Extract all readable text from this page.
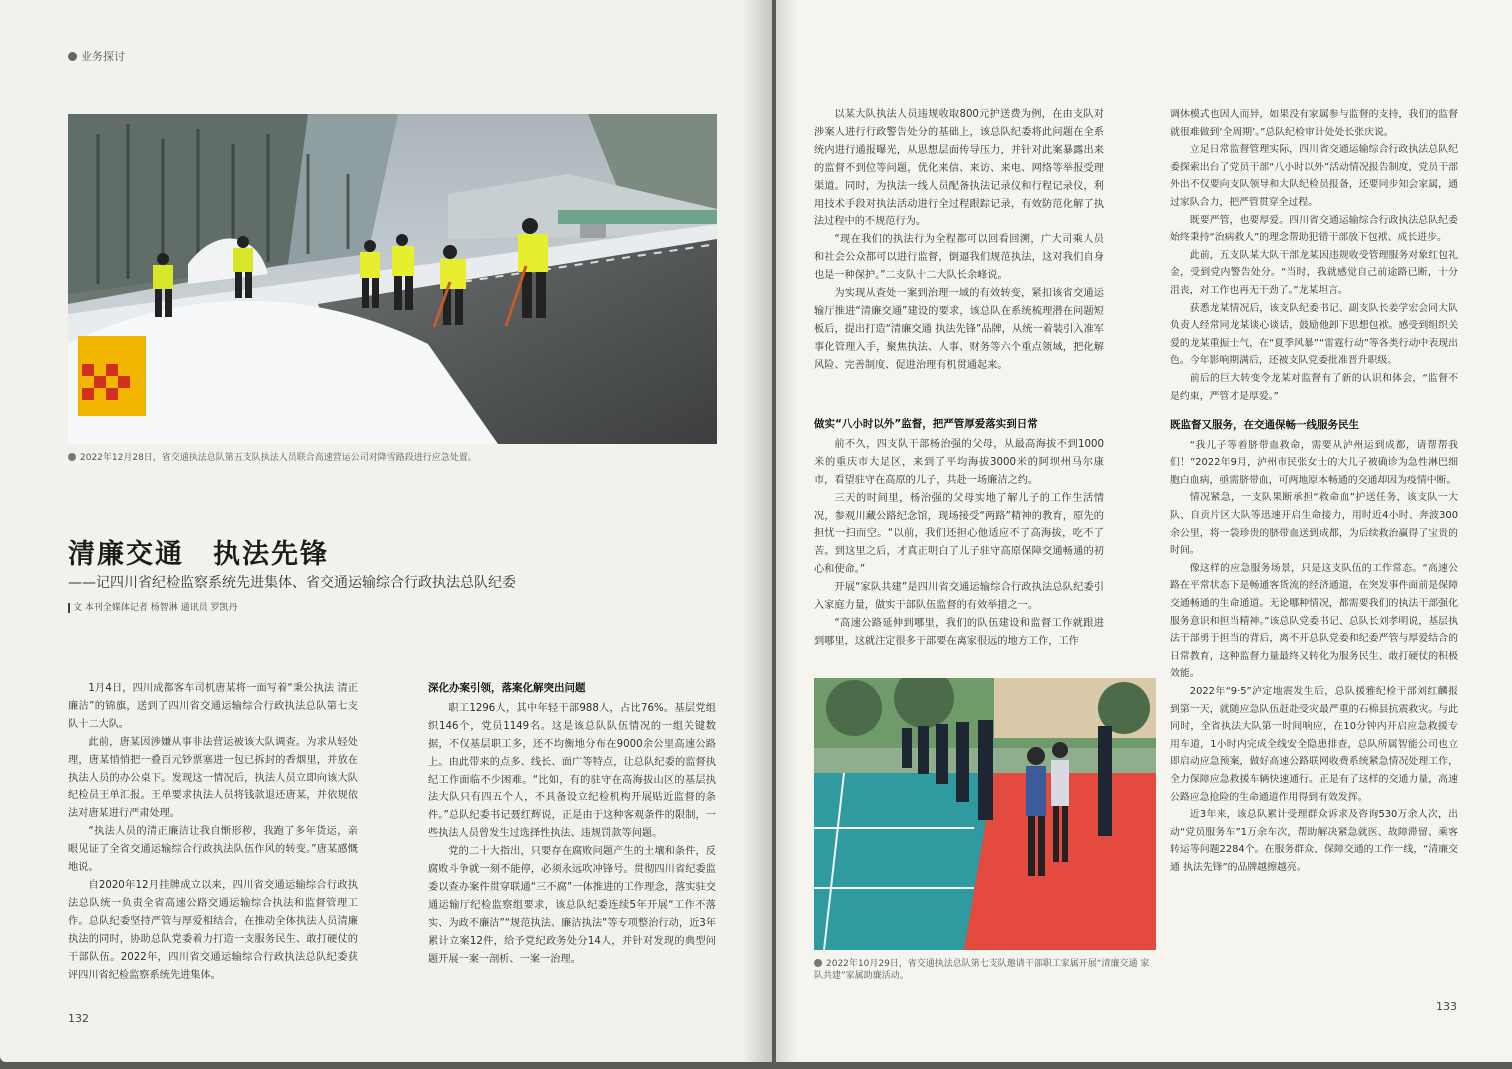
业务探讨
2022年12月28日，省交通执法总队第五支队执法人员联合高速营运公司对降雪路段进行应急处置。
清廉交通　执法先锋
——记四川省纪检监察系统先进集体、省交通运输综合行政执法总队纪委
文 本刊全媒体记者 杨智淋 通讯员 罗凯丹

1月4日，四川成都客车司机唐某将一面写着“秉公执法 清正廉洁”的锦旗，送到了四川省交通运输综合行政执法总队第七支队十二大队。

此前，唐某因涉嫌从事非法营运被该大队调查。为求从轻处理，唐某悄悄把一叠百元钞票塞进一包已拆封的香烟里，并放在执法人员的办公桌下。发现这一情况后，执法人员立即向该大队纪检员王单汇报。王单要求执法人员将钱款退还唐某，并依规依法对唐某进行严肃处理。

“执法人员的清正廉洁让我自惭形秽，我跑了多年货运，亲眼见证了全省交通运输综合行政执法队伍作风的转变。”唐某感慨地说。

自2020年12月挂牌成立以来，四川省交通运输综合行政执法总队统一负责全省高速公路交通运输综合执法和监督管理工作。总队纪委坚持严管与厚爱相结合，在推动全体执法人员清廉执法的同时，协助总队党委着力打造一支服务民生、敢打硬仗的干部队伍。2022年，四川省交通运输综合行政执法总队纪委获评四川省纪检监察系统先进集体。

深化办案引领，落案化解突出问题

职工1296人，其中年轻干部988人，占比76%。基层党组织146个，党员1149名。这是该总队队伍情况的一组关键数据，不仅基层职工多，还不均衡地分布在9000余公里高速公路上。由此带来的点多、线长、面广等特点，让总队纪委的监督执纪工作面临不少困难。“比如，有的驻守在高海拔山区的基层执法大队只有四五个人，不具备设立纪检机构开展贴近监督的条件。”总队纪委书记聂红辉说，正是由于这种客观条件的限制，一些执法人员曾发生过选择性执法、违规罚款等问题。

党的二十大指出，只要存在腐败问题产生的土壤和条件，反腐败斗争就一刻不能停，必须永远吹冲锋号。贯彻四川省纪委监委以查办案件贯穿联通“三不腐”一体推进的工作理念，落实驻交通运输厅纪检监察组要求，该总队纪委连续5年开展“工作不落实、为政不廉洁”“规范执法、廉洁执法”等专项整治行动，近3年累计立案12件，给予党纪政务处分14人，并针对发现的典型问题开展一案一剖析、一案一治理。

132

以某大队执法人员违规收取800元护送费为例，在由支队对涉案人进行行政警告处分的基础上，该总队纪委将此问题在全系统内进行通报曝光，从思想层面传导压力，并针对此案暴露出来的监督不到位等问题，优化来信、来访、来电、网络等举报受理渠道。同时，为执法一线人员配备执法记录仪和行程记录仪，利用技术手段对执法活动进行全过程跟踪记录，有效防范化解了执法过程中的不规范行为。

“现在我们的执法行为全程都可以回看回溯，广大司乘人员和社会公众都可以进行监督，倒逼我们规范执法，这对我们自身也是一种保护。”二支队十二大队长余峰说。

为实现从查处一案到治理一域的有效转变，紧扣该省交通运输厅推进“清廉交通”建设的要求，该总队在系统梳理潜在问题短板后，提出打造“清廉交通 执法先锋”品牌，从统一着装引入准军事化管理入手，聚焦执法、人事、财务等六个重点领域，把化解风险、完善制度、促进治理有机贯通起来。

做实“八小时以外”监督，把严管厚爱落实到日常

前不久，四支队干部杨治强的父母，从最高海拔不到1000米的重庆市大足区，来到了平均海拔3000米的阿坝州马尔康市，看望驻守在高原的儿子，共赴一场廉洁之约。

三天的时间里，杨治强的父母实地了解儿子的工作生活情况，参观川藏公路纪念馆，现场接受“两路”精神的教育，原先的担忧一扫而空。“以前，我们还担心他适应不了高海拔，吃不了苦。到这里之后，才真正明白了儿子驻守高原保障交通畅通的初心和使命。”

开展“家队共建”是四川省交通运输综合行政执法总队纪委引入家庭力量，做实干部队伍监督的有效举措之一。

“高速公路延伸到哪里，我们的队伍建设和监督工作就跟进到哪里，这就注定很多干部要在离家很远的地方工作，工作

调休模式也因人而异，如果没有家属参与监督的支持，我们的监督就很难做到‘全周期’。”总队纪检审计处处长张庆说。

立足日常监督管理实际，四川省交通运输综合行政执法总队纪委探索出台了党员干部“八小时以外”活动情况报告制度，党员干部外出不仅要向支队领导和大队纪检员报备，还要同步知会家属，通过家队合力，把严管贯穿全过程。

既要严管，也要厚爱。四川省交通运输综合行政执法总队纪委始终秉持“治病救人”的理念帮助犯错干部放下包袱、成长进步。

此前，五支队某大队干部龙某因违规收受管理服务对象红包礼金，受到党内警告处分。“当时，我就感觉自己前途路已断，十分沮丧，对工作也再无干劲了。”龙某坦言。

获悉龙某情况后，该支队纪委书记、副支队长姜学宏会同大队负责人经常同龙某谈心谈话，鼓励他卸下思想包袱。感受到组织关爱的龙某重振士气，在“夏季风暴”“雷霆行动”等各类行动中表现出色。今年影响期满后，还被支队党委批准晋升职级。

前后的巨大转变令龙某对监督有了新的认识和体会，“监督不是约束，严管才是厚爱。”

既监督又服务，在交通保畅一线服务民生

“我儿子等着脐带血救命，需要从泸州运到成都，请帮帮我们！”2022年9月，泸州市民张女士的大儿子被确诊为急性淋巴细胞白血病，亟需脐带血，可两地原本畅通的交通却因为疫情中断。

情况紧急，一支队果断承担“救命血”护送任务，该支队一大队、自贡片区大队等迅速开启生命接力，用时近4小时、奔波300余公里，将一袋珍贵的脐带血送到成都，为后续救治赢得了宝贵的时间。

像这样的应急服务场景，只是这支队伍的工作常态。“高速公路在平常状态下是畅通客货流的经济通道，在突发事件面前是保障交通畅通的生命通道。无论哪种情况，都需要我们的执法干部强化服务意识和担当精神。”该总队党委书记、总队长刘孝明说，基层执法干部勇于担当的背后，离不开总队党委和纪委严管与厚爱结合的日常教育，这种监督力量最终又转化为服务民生、敢打硬仗的积极效能。

2022年“9·5”泸定地震发生后，总队援雅纪检干部刘红麟报到第一天，就随应急队伍赶赴受灾最严重的石棉县抗震救灾。与此同时，全省执法大队第一时间响应，在10分钟内开启应急救援专用车道，1小时内完成全线安全隐患排查，总队所属智能公司也立即启动应急预案，做好高速公路联网收费系统紧急情况处理工作，全力保障应急救援车辆快速通行。正是有了这样的交通力量，高速公路应急抢险的生命通道作用得到有效发挥。

近3年来，该总队累计受理群众诉求及咨询530万余人次，出动“党员服务车”1万余车次，帮助解决紧急就医、故障滞留、乘客转运等问题2284个。在服务群众、保障交通的工作一线，“清廉交通 执法先锋”的品牌越擦越亮。

2022年10月29日，省交通执法总队第七支队邀请干部职工家属开展“清廉交通 家队共建”家属助廉活动。
133
